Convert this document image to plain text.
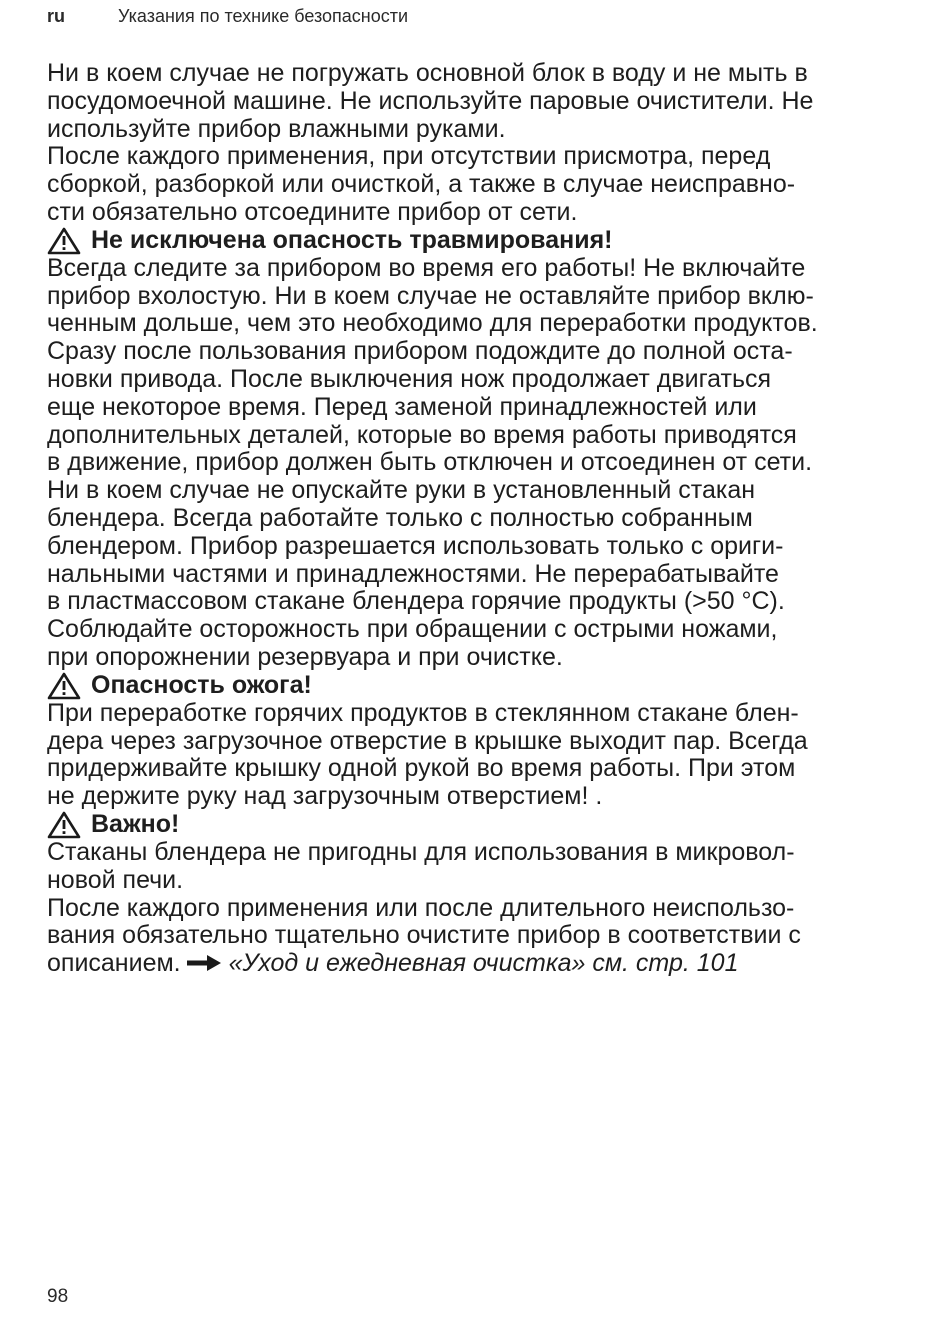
ru	Указания по технике безопасности
Ни в коем случае не погружать основной блок в воду и не мыть в
посудомоечной машине. Не используйте паровые очистители. Не
используйте прибор влажными руками.
После каждого применения, при отсутствии присмотра, перед
сборкой, разборкой или очисткой, а также в случае неисправно-
сти обязательно отсоедините прибор от сети.
Не исключена опасность травмирования!
Всегда следите за прибором во время его работы! Не включайте
прибор вхолостую. Ни в коем случае не оставляйте прибор вклю-
ченным дольше, чем это необходимо для переработки продуктов.
Сразу после пользования прибором подождите до полной оста-
новки привода. После выключения нож продолжает двигаться
еще некоторое время. Перед заменой принадлежностей или
дополнительных деталей, которые во время работы приводятся
в движение, прибор должен быть отключен и отсоединен от сети.
Ни в коем случае не опускайте руки в установленный стакан
блендера. Всегда работайте только с полностью собранным
блендером. Прибор разрешается использовать только с ориги-
нальными частями и принадлежностями. Не перерабатывайте
в пластмассовом стакане блендера горячие продукты (>50 °C).
Соблюдайте осторожность при обращении с острыми ножами,
при опорожнении резервуара и при очистке.
Опасность ожога!
При переработке горячих продуктов в стеклянном стакане блен-
дера через загрузочное отверстие в крышке выходит пар. Всегда
придерживайте крышку одной рукой во время работы. При этом
не держите руку над загрузочным отверстием! .
Важно!
Стаканы блендера не пригодны для использования в микровол-
новой печи.
После каждого применения или после длительного неиспользо-
вания обязательно тщательно очистите прибор в соответствии с
описанием. «Уход и ежедневная очистка» см. стр. 101
98
